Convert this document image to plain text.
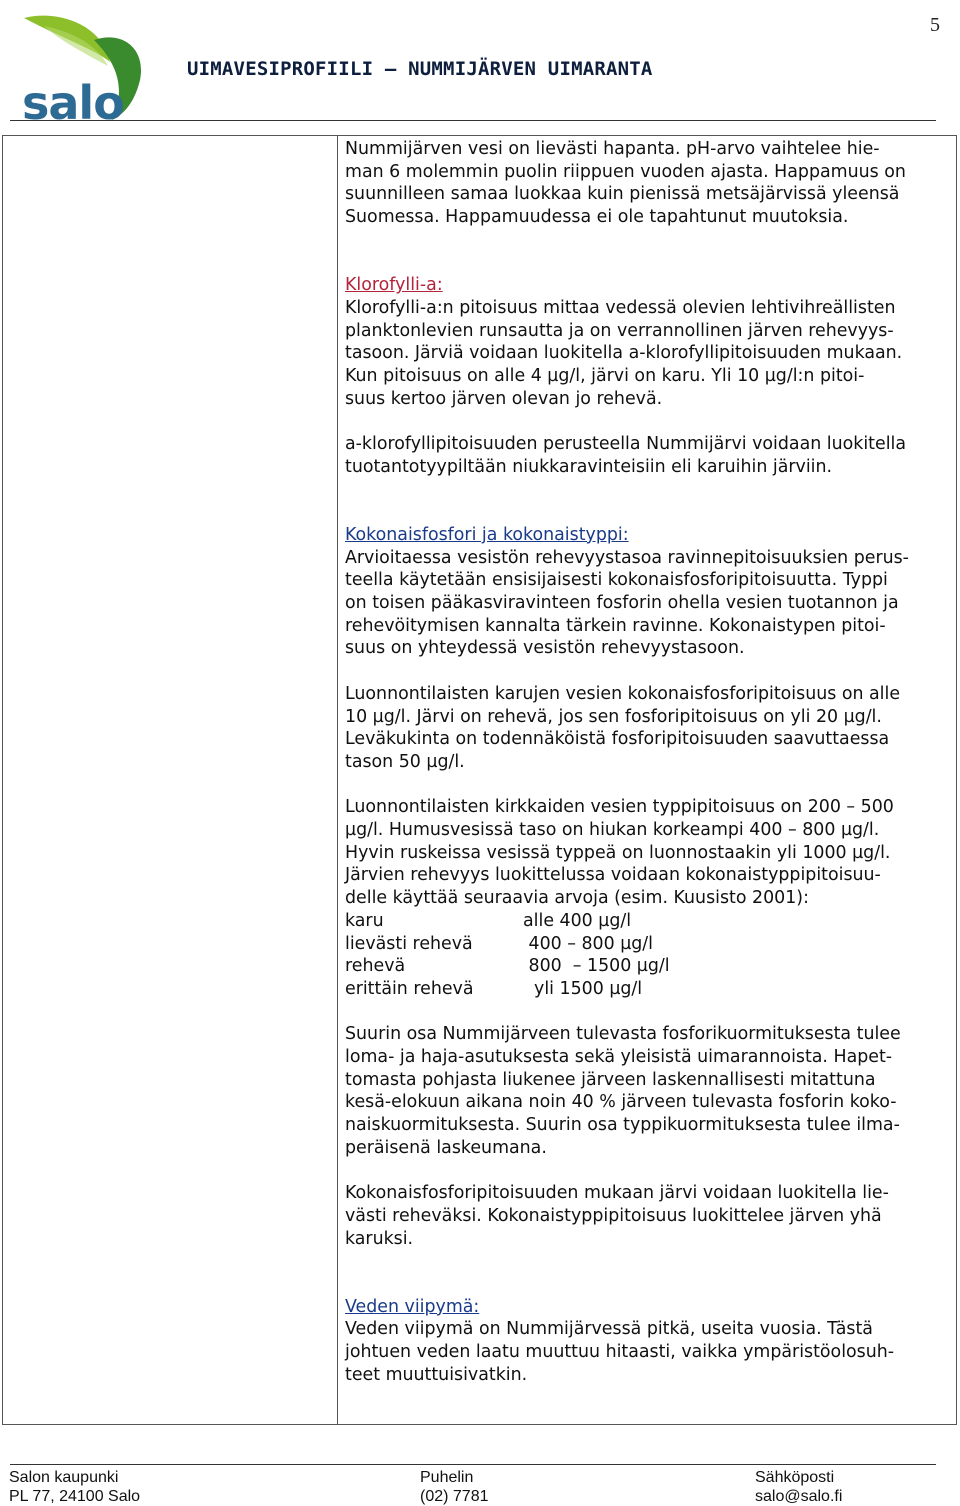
5
salo
UIMAVESIPROFIILI – NUMMIJÄRVEN UIMARANTA

Nummijärven vesi on lievästi hapanta. pH-arvo vaihtelee hie-

man 6 molemmin puolin riippuen vuoden ajasta. Happamuus on

suunnilleen samaa luokkaa kuin pienissä metsäjärvissä yleensä

Suomessa. Happamuudessa ei ole tapahtunut muutoksia.

Klorofylli-a:

Klorofylli-a:n pitoisuus mittaa vedessä olevien lehtivihreällisten

planktonlevien runsautta ja on verrannollinen järven rehevyys-

tasoon. Järviä voidaan luokitella a-klorofyllipitoisuuden mukaan.

Kun pitoisuus on alle 4 µg/l, järvi on karu. Yli 10 µg/l:n pitoi-

suus kertoo järven olevan jo rehevä.

a-klorofyllipitoisuuden perusteella Nummijärvi voidaan luokitella

tuotantotyypiltään niukkaravinteisiin eli karuihin järviin.

Kokonaisfosfori ja kokonaistyppi:

Arvioitaessa vesistön rehevyystasoa ravinnepitoisuuksien perus-

teella käytetään ensisijaisesti kokonaisfosforipitoisuutta. Typpi

on toisen pääkasviravinteen fosforin ohella vesien tuotannon ja

rehevöitymisen kannalta tärkein ravinne. Kokonaistypen pitoi-

suus on yhteydessä vesistön rehevyystasoon.

Luonnontilaisten karujen vesien kokonaisfosforipitoisuus on alle

10 µg/l. Järvi on rehevä, jos sen fosforipitoisuus on yli 20 µg/l.

Leväkukinta on todennäköistä fosforipitoisuuden saavuttaessa

tason 50 µg/l.

Luonnontilaisten kirkkaiden vesien typpipitoisuus on 200 – 500

µg/l. Humusvesissä taso on hiukan korkeampi 400 – 800 µg/l.

Hyvin ruskeissa vesissä typpeä on luonnostaakin yli 1000 µg/l.

Järvien rehevyys luokittelussa voidaan kokonaistyppipitoisuu-

delle käyttää seuraavia arvoja (esim. Kuusisto 2001):

karu	alle 400 µg/l
lievästi rehevä	400 – 800 µg/l
rehevä	800  – 1500 µg/l
erittäin rehevä	yli 1500 µg/l

Suurin osa Nummijärveen tulevasta fosforikuormituksesta tulee

loma- ja haja-asutuksesta sekä yleisistä uimarannoista. Hapet-

tomasta pohjasta liukenee järveen laskennallisesti mitattuna

kesä-elokuun aikana noin 40 % järveen tulevasta fosforin koko-

naiskuormituksesta. Suurin osa typpikuormituksesta tulee ilma-

peräisenä laskeumana.

Kokonaisfosforipitoisuuden mukaan järvi voidaan luokitella lie-

västi reheväksi. Kokonaistyppipitoisuus luokittelee järven yhä

karuksi.

Veden viipymä:

Veden viipymä on Nummijärvessä pitkä, useita vuosia. Tästä

johtuen veden laatu muuttuu hitaasti, vaikka ympäristöolosuh-

teet muuttuisivatkin.

Salon kaupunki
PL 77, 24100 Salo
Puhelin
(02) 7781
Sähköposti
salo@salo.fi
